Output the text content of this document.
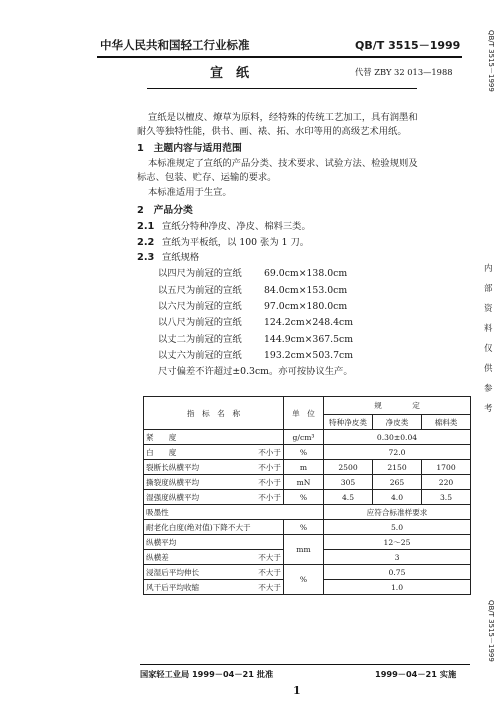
中华人民共和国轻工行业标准	QB/T 3515－1999
宣　纸	代替 ZBY 32 013—1988
宣纸是以檀皮、燎草为原料，经特殊的传统工艺加工，具有润墨和
耐久等独特性能，供书、画、裱、拓、水印等用的高级艺术用纸。
1　主题内容与适用范围
本标准规定了宣纸的产品分类、技术要求、试验方法、检验规则及
标志、包装、贮存、运输的要求。
本标准适用于生宣。
2　产品分类
2.1 宣纸分特种净皮、净皮、棉料三类。
2.2 宣纸为平板纸，以 100 张为 1 刀。
2.3 宣纸规格
以四尺为前冠的宣纸 69.0cm×138.0cm
以五尺为前冠的宣纸 84.0cm×153.0cm
以六尺为前冠的宣纸 97.0cm×180.0cm
以八尺为前冠的宣纸 124.2cm×248.4cm
以丈二为前冠的宣纸 144.9cm×367.5cm
以丈六为前冠的宣纸 193.2cm×503.7cm
指　标　名　称		单　位	规　　　　定		
			特种净皮类	净皮类	棉料类
紧　　度		g/cm³	0.30±0.04		
白　　度	不小于	%	72.0		
裂断长纵横平均	不小于	m	2500	2150	1700
撕裂度纵横平均	不小于	mN	305	265	220
湿强度纵横平均	不小于	%	4.5	4.0	3.5
吸墨性			应符合标准样要求		
耐老化白度(绝对值)下降不大于		%	5.0		
纵横平均		mm	12～25		
纵横差	不大于		3		
浸湿后平均伸长	不大于	%	0.75		
风干后平均收缩	不大于		1.0		
尺寸偏差不许超过±0.3cm。亦可按协议生产。
国家轻工业局 1999－04－21 批准	1999－04－21 实施
1
QB/T 3515－1999
QB/T 3515－1999
内
部
资
料
仅
供
参
考
